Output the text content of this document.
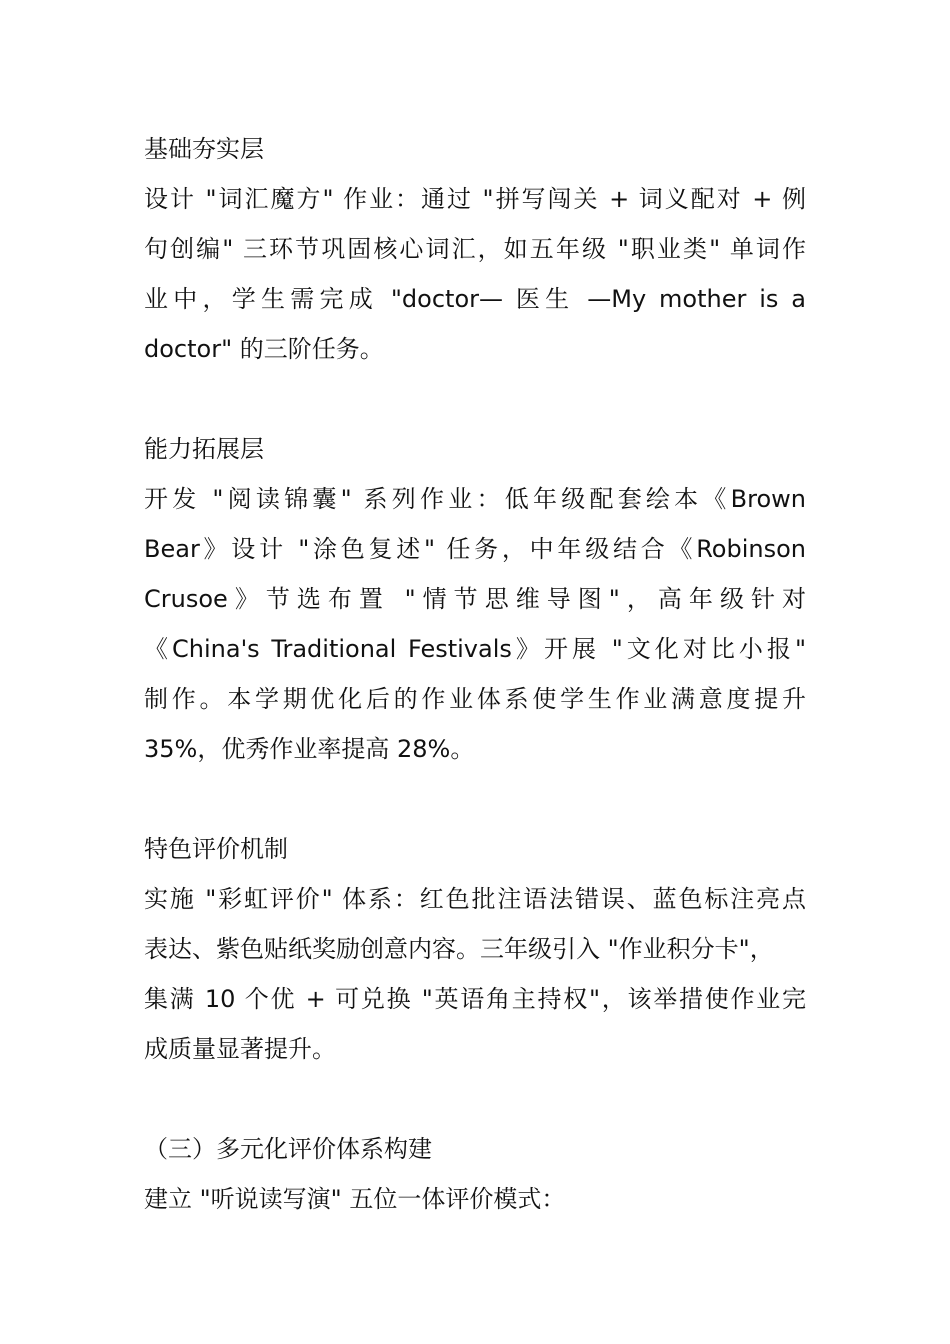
基础夯实层
设计 "词汇魔方" 作业：通过 "拼写闯关 + 词义配对 + 例
句创编" 三环节巩固核心词汇，如五年级 "职业类" 单词作
业中，学生需完成 "doctor— 医生 —My mother is a
doctor" 的三阶任务。
能力拓展层
开发 "阅读锦囊" 系列作业：低年级配套绘本《Brown
Bear》设计 "涂色复述" 任务，中年级结合《Robinson
Crusoe》节选布置 "情节思维导图"，高年级针对
《China's Traditional Festivals》开展 "文化对比小报"
制作。本学期优化后的作业体系使学生作业满意度提升
35%，优秀作业率提高 28%。
特色评价机制
实施 "彩虹评价" 体系：红色批注语法错误、蓝色标注亮点
表达、紫色贴纸奖励创意内容。三年级引入 "作业积分卡"，
集满 10 个优 + 可兑换 "英语角主持权"，该举措使作业完
成质量显著提升。
（三）多元化评价体系构建
建立 "听说读写演" 五位一体评价模式：
